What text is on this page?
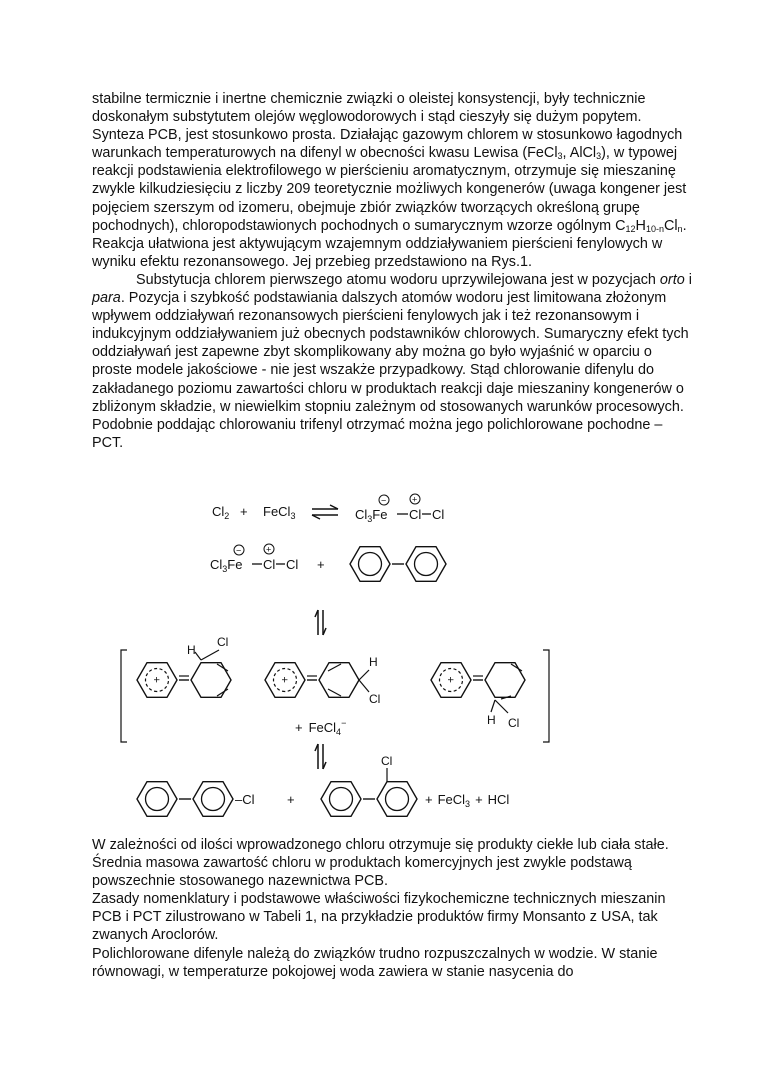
stabilne termicznie i inertne chemicznie związki o oleistej konsystencji, były technicznie doskonałym substytutem olejów węglowodorowych i stąd cieszyły się dużym popytem. Synteza PCB, jest stosunkowo prosta. Działając gazowym chlorem w stosunkowo łagodnych warunkach temperaturowych na difenyl w obecności kwasu Lewisa (FeCl$_3$, AlCl$_3$), w typowej reakcji podstawienia elektrofilowego w pierścieniu aromatycznym, otrzymuje się mieszaninę zwykle kilkudziesięciu z liczby 209 teoretycznie możliwych kongenerów (uwaga kongener jest pojęciem szerszym od izomeru, obejmuje zbiór związków tworzących określoną grupę pochodnych), chloropodstawionych pochodnych o sumarycznym wzorze ogólnym $C_{12}H_{10-n}Cl_n$. Reakcja ułatwiona jest aktywującym wzajemnym oddziaływaniem pierścieni fenylowych w wyniku efektu rezonansowego. Jej przebieg przedstawiono na Rys.1.

Substytucja chlorem pierwszego atomu wodoru uprzywilejowana jest w pozycjach orto i para. Pozycja i szybkość podstawiania dalszych atomów wodoru jest limitowana złożonym wpływem oddziaływań rezonansowych pierścieni fenylowych jak i też rezonansowym i indukcyjnym oddziaływaniem już obecnych podstawników chlorowych. Sumaryczny efekt tych oddziaływań jest zapewne zbyt skomplikowany aby można go było wyjaśnić w oparciu o proste modele jakościowe - nie jest wszakże przypadkowy. Stąd chlorowanie difenylu do zakładanego poziomu zawartości chloru w produktach reakcji daje mieszaniny kongenerów o zbliżonym składzie, w niewielkim stopniu zależnym od stosowanych warunków procesowych. Podobnie poddając chlorowaniu trifenyl otrzymać można jego polichlorowane pochodne – PCT.

+
$Cl_2$ + FeCl$_3$	$Cl_3Fe$ Cl Cl
−	+
$Cl_3Fe$ Cl Cl
−	+
+
H
Cl
H
Cl
H Cl
+ FeCl$_4$−
–Cl +
Cl
+ FeCl$_3$ + HCl

W zależności od ilości wprowadzonego chloru otrzymuje się produkty ciekłe lub ciała stałe. Średnia masowa zawartość chloru w produktach komercyjnych jest zwykle podstawą powszechnie stosowanego nazewnictwa PCB.

Zasady nomenklatury i podstawowe właściwości fizykochemiczne technicznych mieszanin PCB i PCT zilustrowano w Tabeli 1, na przykładzie produktów firmy Monsanto z USA, tak zwanych Aroclorów.

Polichlorowane difenyle należą do związków trudno rozpuszczalnych w wodzie. W stanie równowagi, w temperaturze pokojowej woda zawiera w stanie nasycenia do
